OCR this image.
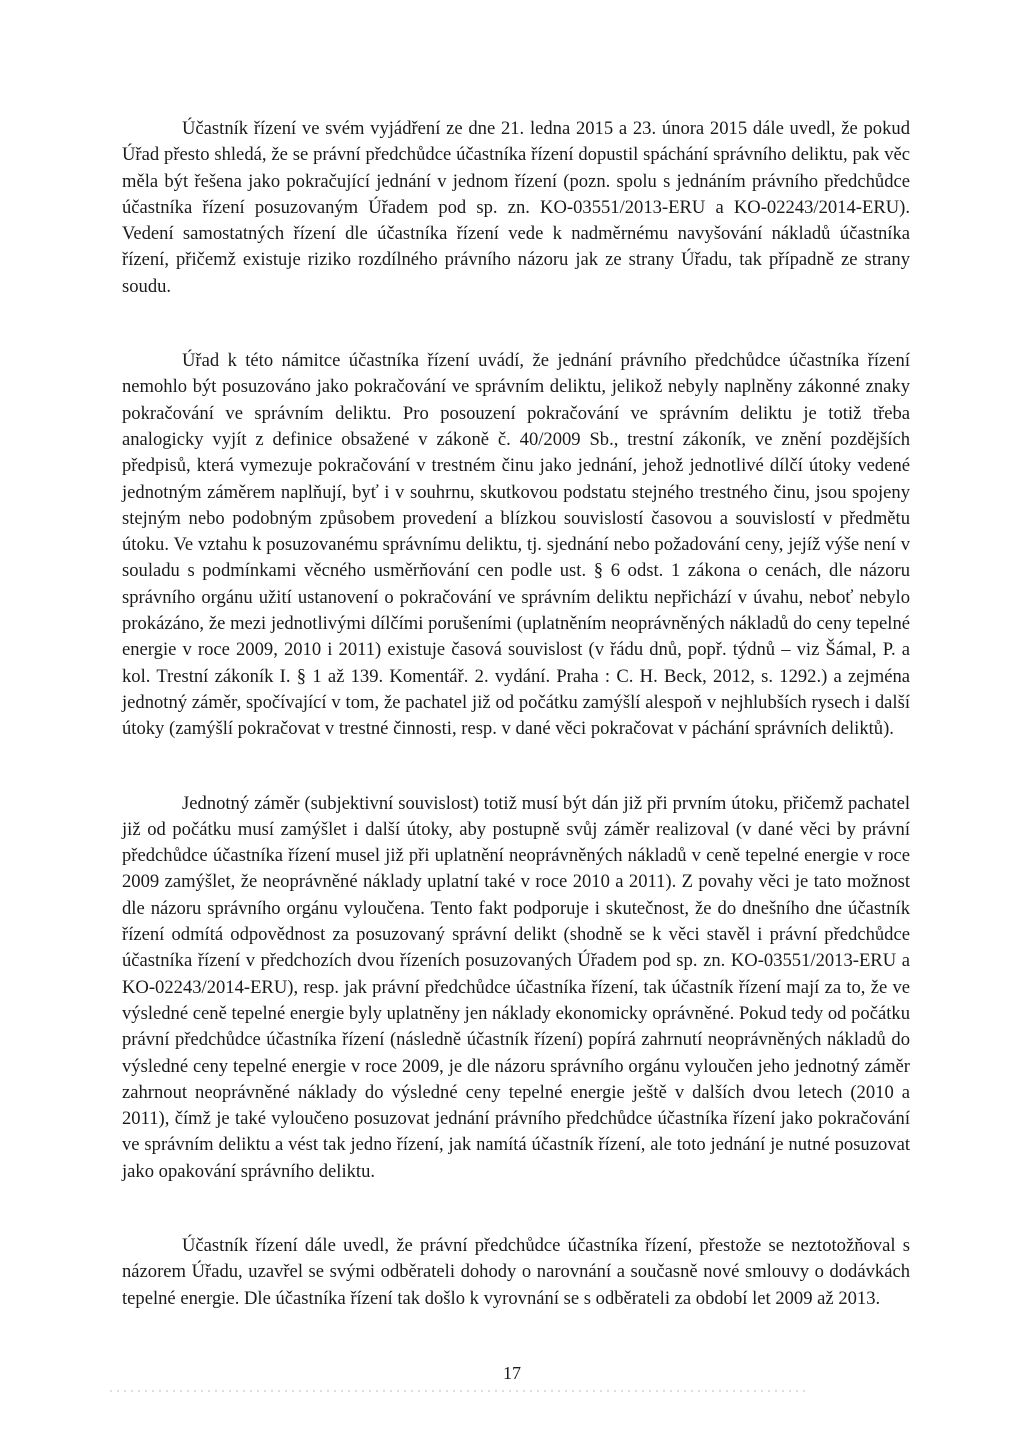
Účastník řízení ve svém vyjádření ze dne 21. ledna 2015 a 23. února 2015 dále uvedl, že pokud Úřad přesto shledá, že se právní předchůdce účastníka řízení dopustil spáchání správního deliktu, pak věc měla být řešena jako pokračující jednání v jednom řízení (pozn. spolu s jednáním právního předchůdce účastníka řízení posuzovaným Úřadem pod sp. zn. KO-03551/2013-ERU a KO-02243/2014-ERU). Vedení samostatných řízení dle účastníka řízení vede k nadměrnému navyšování nákladů účastníka řízení, přičemž existuje riziko rozdílného právního názoru jak ze strany Úřadu, tak případně ze strany soudu.

Úřad k této námitce účastníka řízení uvádí, že jednání právního předchůdce účastníka řízení nemohlo být posuzováno jako pokračování ve správním deliktu, jelikož nebyly naplněny zákonné znaky pokračování ve správním deliktu. Pro posouzení pokračování ve správním deliktu je totiž třeba analogicky vyjít z definice obsažené v zákoně č. 40/2009 Sb., trestní zákoník, ve znění pozdějších předpisů, která vymezuje pokračování v trestném činu jako jednání, jehož jednotlivé dílčí útoky vedené jednotným záměrem naplňují, byť i v souhrnu, skutkovou podstatu stejného trestného činu, jsou spojeny stejným nebo podobným způsobem provedení a blízkou souvislostí časovou a souvislostí v předmětu útoku. Ve vztahu k posuzovanému správnímu deliktu, tj. sjednání nebo požadování ceny, jejíž výše není v souladu s podmínkami věcného usměrňování cen podle ust. § 6 odst. 1 zákona o cenách, dle názoru správního orgánu užití ustanovení o pokračování ve správním deliktu nepřichází v úvahu, neboť nebylo prokázáno, že mezi jednotlivými dílčími porušeními (uplatněním neoprávněných nákladů do ceny tepelné energie v roce 2009, 2010 i 2011) existuje časová souvislost (v řádu dnů, popř. týdnů – viz Šámal, P. a kol. Trestní zákoník I. § 1 až 139. Komentář. 2. vydání. Praha : C. H. Beck, 2012, s. 1292.) a zejména jednotný záměr, spočívající v tom, že pachatel již od počátku zamýšlí alespoň v nejhlubších rysech i další útoky (zamýšlí pokračovat v trestné činnosti, resp. v dané věci pokračovat v páchání správních deliktů).

Jednotný záměr (subjektivní souvislost) totiž musí být dán již při prvním útoku, přičemž pachatel již od počátku musí zamýšlet i další útoky, aby postupně svůj záměr realizoval (v dané věci by právní předchůdce účastníka řízení musel již při uplatnění neoprávněných nákladů v ceně tepelné energie v roce 2009 zamýšlet, že neoprávněné náklady uplatní také v roce 2010 a 2011). Z povahy věci je tato možnost dle názoru správního orgánu vyloučena. Tento fakt podporuje i skutečnost, že do dnešního dne účastník řízení odmítá odpovědnost za posuzovaný správní delikt (shodně se k věci stavěl i právní předchůdce účastníka řízení v předchozích dvou řízeních posuzovaných Úřadem pod sp. zn. KO-03551/2013-ERU a KO-02243/2014-ERU), resp. jak právní předchůdce účastníka řízení, tak účastník řízení mají za to, že ve výsledné ceně tepelné energie byly uplatněny jen náklady ekonomicky oprávněné. Pokud tedy od počátku právní předchůdce účastníka řízení (následně účastník řízení) popírá zahrnutí neoprávněných nákladů do výsledné ceny tepelné energie v roce 2009, je dle názoru správního orgánu vyloučen jeho jednotný záměr zahrnout neoprávněné náklady do výsledné ceny tepelné energie ještě v dalších dvou letech (2010 a 2011), čímž je také vyloučeno posuzovat jednání právního předchůdce účastníka řízení jako pokračování ve správním deliktu a vést tak jedno řízení, jak namítá účastník řízení, ale toto jednání je nutné posuzovat jako opakování správního deliktu.

Účastník řízení dále uvedl, že právní předchůdce účastníka řízení, přestože se neztotožňoval s názorem Úřadu, uzavřel se svými odběrateli dohody o narovnání a současně nové smlouvy o dodávkách tepelné energie. Dle účastníka řízení tak došlo k vyrovnání se s odběrateli za období let 2009 až 2013.

17
